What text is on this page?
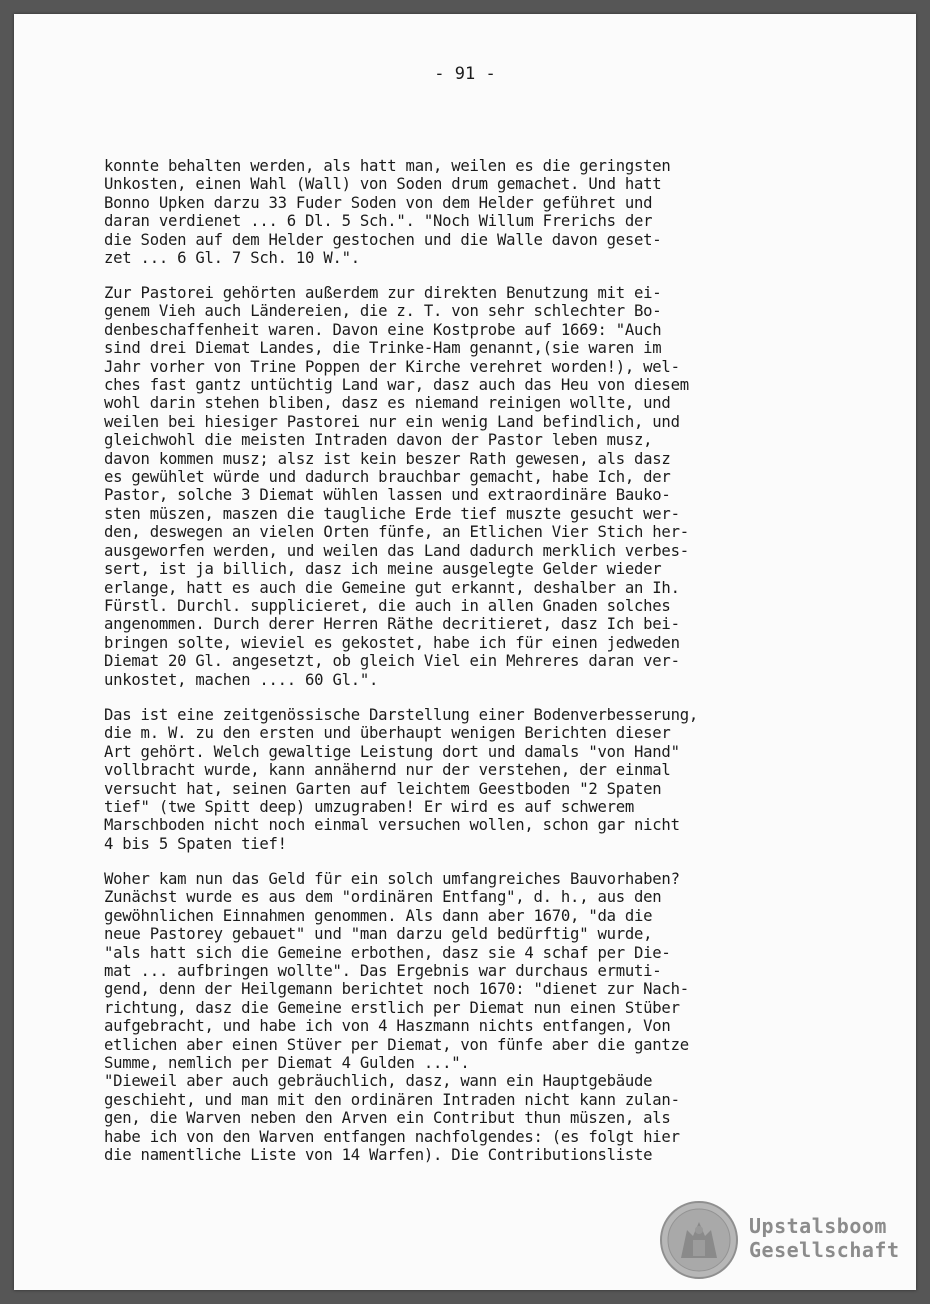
- 91 -
konnte behalten werden, als hatt man, weilen es die geringsten
Unkosten, einen Wahl (Wall) von Soden drum gemachet. Und hatt
Bonno Upken darzu 33 Fuder Soden von dem Helder geführet und
daran verdienet ... 6 Dl. 5 Sch.". "Noch Willum Frerichs der
die Soden auf dem Helder gestochen und die Walle davon geset-
zet ... 6 Gl. 7 Sch. 10 W.".
Zur Pastorei gehörten außerdem zur direkten Benutzung mit ei-
genem Vieh auch Ländereien, die z. T. von sehr schlechter Bo-
denbeschaffenheit waren. Davon eine Kostprobe auf 1669: "Auch
sind drei Diemat Landes, die Trinke-Ham genannt,(sie waren im
Jahr vorher von Trine Poppen der Kirche verehret worden!), wel-
ches fast gantz untüchtig Land war, dasz auch das Heu von diesem
wohl darin stehen bliben, dasz es niemand reinigen wollte, und
weilen bei hiesiger Pastorei nur ein wenig Land befindlich, und
gleichwohl die meisten Intraden davon der Pastor leben musz,
davon kommen musz; alsz ist kein beszer Rath gewesen, als dasz
es gewühlet würde und dadurch brauchbar gemacht, habe Ich, der
Pastor, solche 3 Diemat wühlen lassen und extraordinäre Bauko-
sten müszen, maszen die taugliche Erde tief muszte gesucht wer-
den, deswegen an vielen Orten fünfe, an Etlichen Vier Stich her-
ausgeworfen werden, und weilen das Land dadurch merklich verbes-
sert, ist ja billich, dasz ich meine ausgelegte Gelder wieder
erlange, hatt es auch die Gemeine gut erkannt, deshalber an Ih.
Fürstl. Durchl. supplicieret, die auch in allen Gnaden solches
angenommen. Durch derer Herren Räthe decritieret, dasz Ich bei-
bringen solte, wieviel es gekostet, habe ich für einen jedweden
Diemat 20 Gl. angesetzt, ob gleich Viel ein Mehreres daran ver-
unkostet, machen .... 60 Gl.".
Das ist eine zeitgenössische Darstellung einer Bodenverbesserung,
die m. W. zu den ersten und überhaupt wenigen Berichten dieser
Art gehört. Welch gewaltige Leistung dort und damals "von Hand"
vollbracht wurde, kann annähernd nur der verstehen, der einmal
versucht hat, seinen Garten auf leichtem Geestboden "2 Spaten
tief" (twe Spitt deep) umzugraben! Er wird es auf schwerem
Marschboden nicht noch einmal versuchen wollen, schon gar nicht
4 bis 5 Spaten tief!
Woher kam nun das Geld für ein solch umfangreiches Bauvorhaben?
Zunächst wurde es aus dem "ordinären Entfang", d. h., aus den
gewöhnlichen Einnahmen genommen. Als dann aber 1670, "da die
neue Pastorey gebauet" und "man darzu geld bedürftig" wurde,
"als hatt sich die Gemeine erbothen, dasz sie 4 schaf per Die-
mat ... aufbringen wollte". Das Ergebnis war durchaus ermuti-
gend, denn der Heilgemann berichtet noch 1670: "dienet zur Nach-
richtung, dasz die Gemeine erstlich per Diemat nun einen Stüber
aufgebracht, und habe ich von 4 Haszmann nichts entfangen, Von
etlichen aber einen Stüver per Diemat, von fünfe aber die gantze
Summe, nemlich per Diemat 4 Gulden ...".
"Dieweil aber auch gebräuchlich, dasz, wann ein Hauptgebäude
geschieht, und man mit den ordinären Intraden nicht kann zulan-
gen, die Warven neben den Arven ein Contribut thun müszen, als
habe ich von den Warven entfangen nachfolgendes: (es folgt hier
die namentliche Liste von 14 Warfen). Die Contributionsliste
Upstalsboom
Gesellschaft
